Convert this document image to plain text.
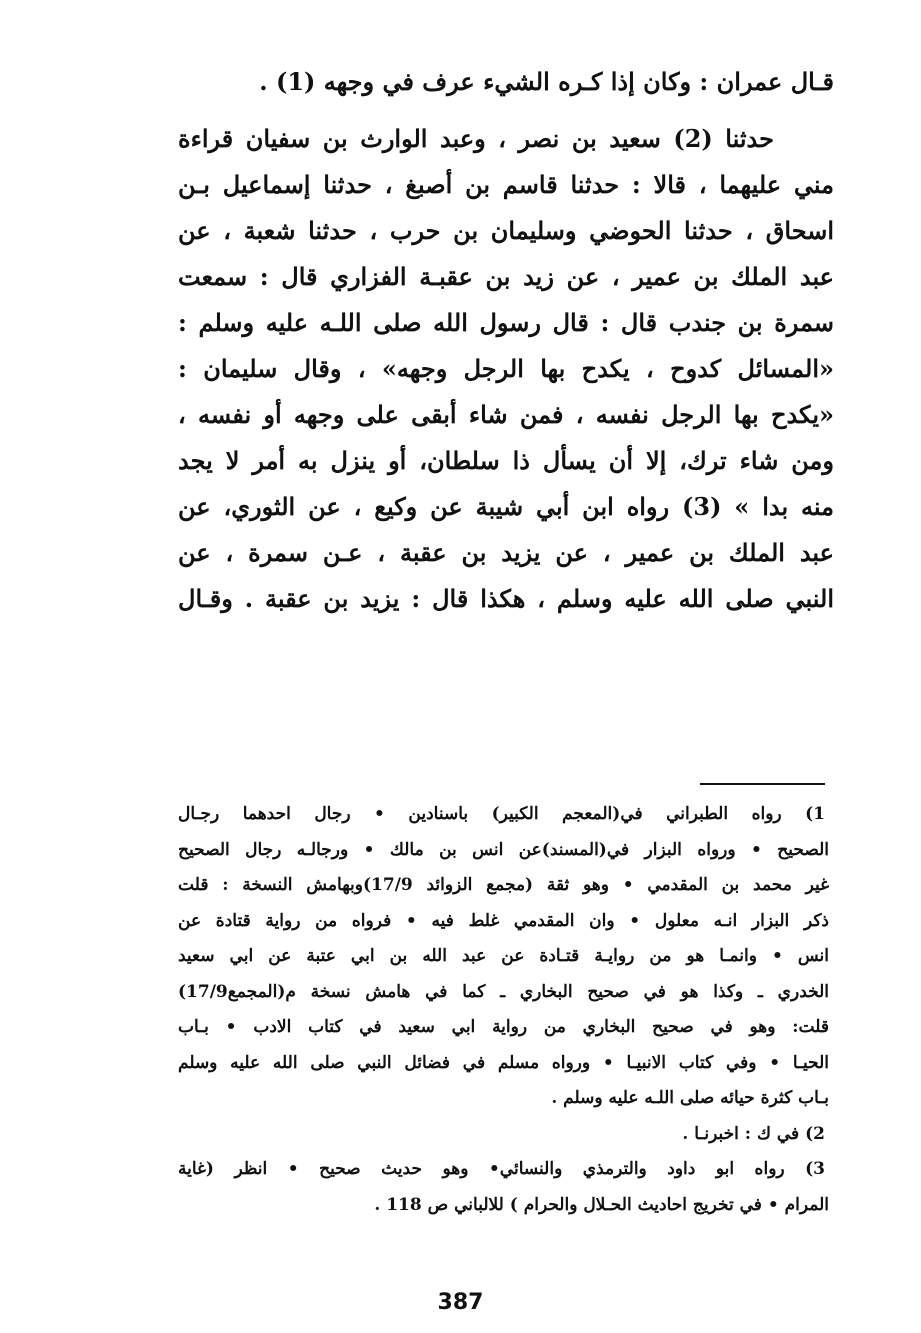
قـال عمران : وكان إذا كـره الشيء عرف في وجهه (1) .
حدثنا (2) سعيد بن نصر ، وعبد الوارث بن سفيان قراءة
مني عليهما ، قالا : حدثنا قاسم بن أصبغ ، حدثنا إسماعيل بـن
اسحاق ، حدثنا الحوضي وسليمان بن حرب ، حدثنا شعبة ، عن
عبد الملك بن عمير ، عن زيد بن عقبـة الفزاري قال : سمعت
سمرة بن جندب قال : قال رسول الله صلى اللـه عليه وسلم :
«المسائل كدوح ، يكدح بها الرجل وجهه» ، وقال سليمان :
«يكدح بها الرجل نفسه ، فمن شاء أبقى على وجهه أو نفسه ،
ومن شاء ترك، إلا أن يسأل ذا سلطان، أو ينزل به أمر لا يجد
منه بدا » (3) رواه ابن أبي شيبة عن وكيع ، عن الثوري، عن
عبد الملك بن عمير ، عن يزيد بن عقبة ، عـن سمرة ، عن
النبي صلى الله عليه وسلم ، هكذا قال : يزيد بن عقبة . وقـال
1) رواه الطبراني في(المعجم الكبير) باسنادين • رجال احدهما رجـال
الصحيح • ورواه البزار في(المسند)عن انس بن مالك • ورجالـه رجال الصحيح
غير محمد بن المقدمي • وهو ثقة (مجمع الزوائد 17/9)وبهامش النسخة : قلت
ذكر البزار انـه معلول • وان المقدمي غلط فيه • فرواه من رواية قتادة عن
انس • وانمـا هو من روايـة قتـادة عن عبد الله بن ابي عتبة عن ابي سعيد
الخدري ـ وكذا هو في صحيح البخاري ـ كما في هامش نسخة م(المجمع17/9)
قلت: وهو في صحيح البخاري من رواية ابي سعيد في كتاب الادب • بـاب
الحيـا • وفي كتاب الانبيـا • ورواه مسلم في فضائل النبي صلى الله عليه وسلم
بـاب كثرة حيائه صلى اللـه عليه وسلم .
2) في ك : اخبرنـا .
3) رواه ابو داود والترمذي والنسائي• وهو حديث صحيح • انظر (غاية
المرام • في تخريج احاديث الحـلال والحرام ) للالباني ص 118 .
387
